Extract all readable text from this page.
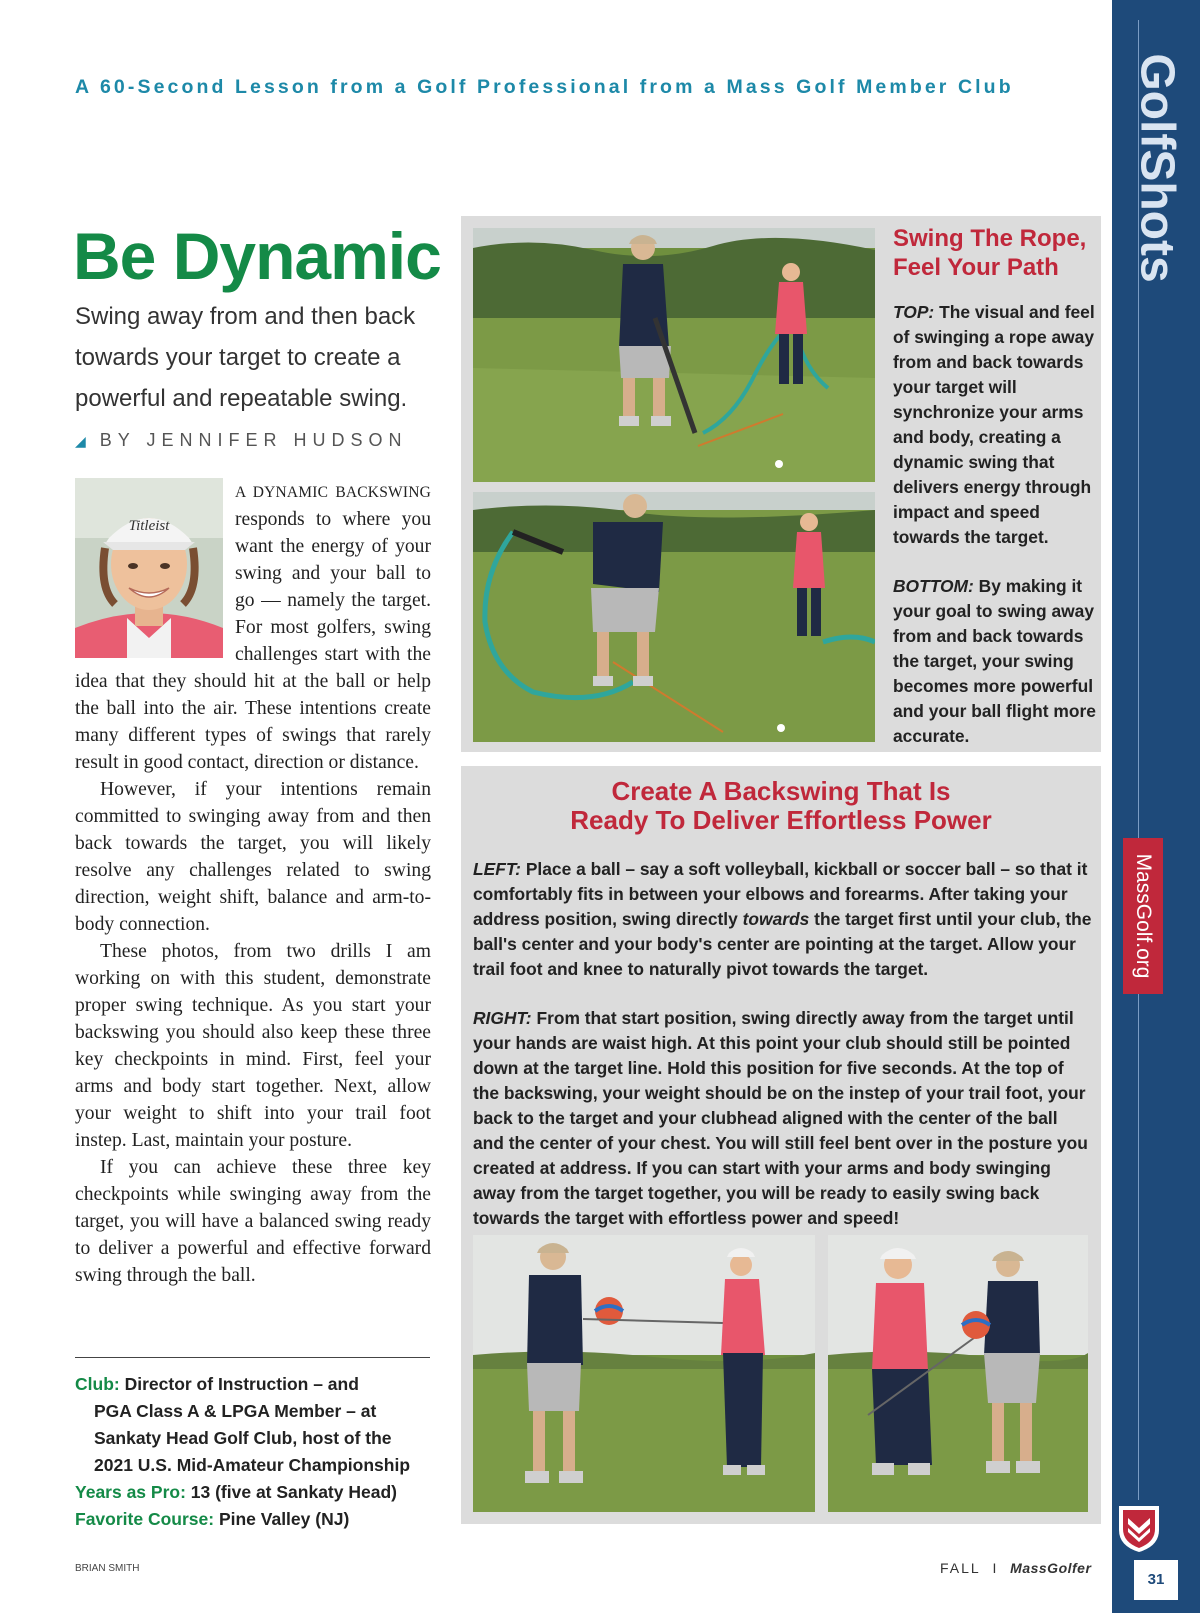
GolfShots
MassGolf.org
31
A 60-Second Lesson from a Golf Professional from a Mass Golf Member Club
Be Dynamic
Swing away from and then back towards your target to create a powerful and repeatable swing.
◢ BY JENNIFER HUDSON
Titleist

A DYNAMIC BACKSWING responds to where you want the energy of your swing and your ball to go — namely the target. For most golfers, swing challenges start with the idea that they should hit at the ball or help the ball into the air. These intentions create many different types of swings that rarely result in good contact, direction or distance.

However, if your intentions remain committed to swinging away from and then back towards the target, you will likely resolve any challenges related to swing direction, weight shift, balance and arm-to-body connection.

These photos, from two drills I am working on with this student, demonstrate proper swing technique. As you start your backswing you should also keep these three key checkpoints in mind. First, feel your arms and body start together. Next, allow your weight to shift into your trail foot instep. Last, maintain your posture.

If you can achieve these three key checkpoints while swinging away from the target, you will have a balanced swing ready to deliver a powerful and effective forward swing through the ball.

Club: Director of Instruction – and
PGA Class A & LPGA Member – at
Sankaty Head Golf Club, host of the
2021 U.S. Mid-Amateur Championship
Years as Pro: 13 (five at Sankaty Head)
Favorite Course: Pine Valley (NJ)
BRIAN SMITH	FALL I MassGolfer
Swing The Rope,
Feel Your Path
TOP: The visual and feel of swinging a rope away from and back towards your target will synchronize your arms and body, creating a dynamic swing that delivers energy through impact and speed towards the target.
BOTTOM: By making it your goal to swing away from and back towards the target, your swing becomes more powerful and your ball flight more accurate.
Create A Backswing That Is
Ready To Deliver Effortless Power
LEFT: Place a ball – say a soft volleyball, kickball or soccer ball – so that it comfortably fits in between your elbows and forearms. After taking your address position, swing directly towards the target first until your club, the ball's center and your body's center are pointing at the target. Allow your trail foot and knee to naturally pivot towards the target.
RIGHT: From that start position, swing directly away from the target until your hands are waist high. At this point your club should still be pointed down at the target line. Hold this position for five seconds. At the top of the backswing, your weight should be on the instep of your trail foot, your back to the target and your clubhead aligned with the center of the ball and the center of your chest. You will still feel bent over in the posture you created at address. If you can start with your arms and body swinging away from the target together, you will be ready to easily swing back towards the target with effortless power and speed!
